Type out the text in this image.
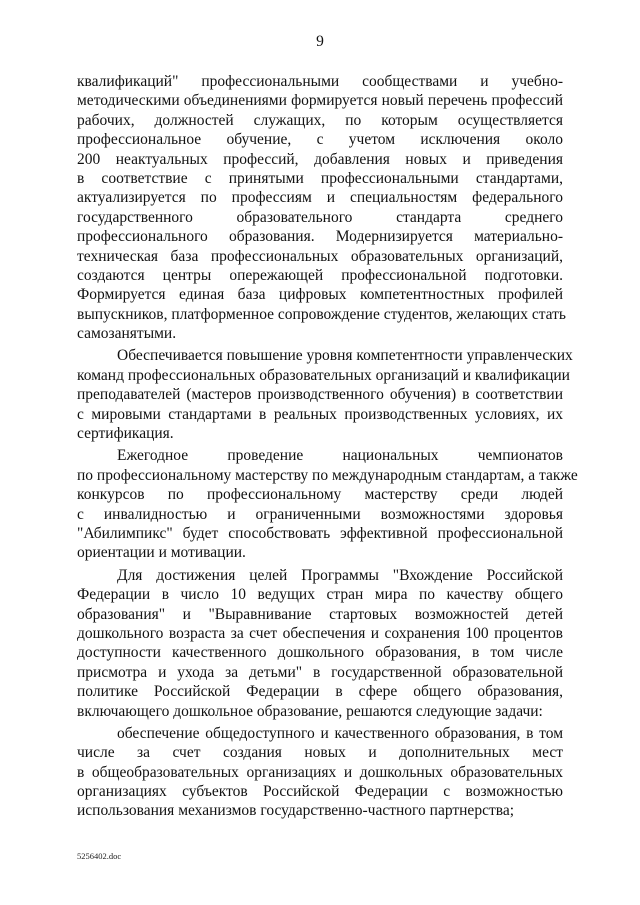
9
квалификаций" профессиональными сообществами и учебно-
методическими объединениями формируется новый перечень профессий
рабочих, должностей служащих, по которым осуществляется
профессиональное обучение, с учетом исключения около
200 неактуальных профессий, добавления новых и приведения
в соответствие с принятыми профессиональными стандартами,
актуализируется по профессиям и специальностям федерального
государственного образовательного стандарта среднего
профессионального образования. Модернизируется материально-
техническая база профессиональных образовательных организаций,
создаются центры опережающей профессиональной подготовки.
Формируется единая база цифровых компетентностных профилей
выпускников, платформенное сопровождение студентов, желающих стать
самозанятыми.
Обеспечивается повышение уровня компетентности управленческих
команд профессиональных образовательных организаций и квалификации
преподавателей (мастеров производственного обучения) в соответствии
с мировыми стандартами в реальных производственных условиях, их
сертификация.
Ежегодное проведение национальных чемпионатов
по профессиональному мастерству по международным стандартам, а также
конкурсов по профессиональному мастерству среди людей
с инвалидностью и ограниченными возможностями здоровья
"Абилимпикс" будет способствовать эффективной профессиональной
ориентации и мотивации.
Для достижения целей Программы "Вхождение Российской
Федерации в число 10 ведущих стран мира по качеству общего
образования" и "Выравнивание стартовых возможностей детей
дошкольного возраста за счет обеспечения и сохранения 100 процентов
доступности качественного дошкольного образования, в том числе
присмотра и ухода за детьми" в государственной образовательной
политике Российской Федерации в сфере общего образования,
включающего дошкольное образование, решаются следующие задачи:
обеспечение общедоступного и качественного образования, в том
числе за счет создания новых и дополнительных мест
в общеобразовательных организациях и дошкольных образовательных
организациях субъектов Российской Федерации с возможностью
использования механизмов государственно-частного партнерства;
5256402.doc
